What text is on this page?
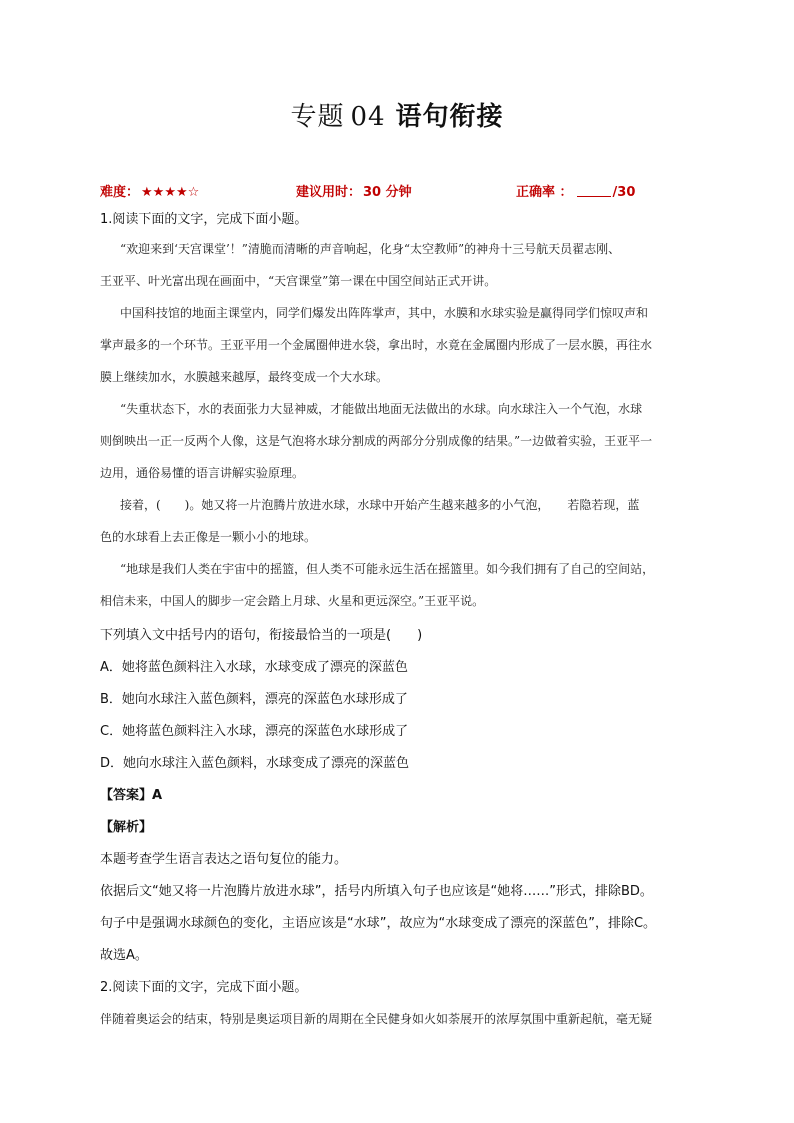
专题 04 语句衔接
难度： ★★★★☆	建议用时： 30 分钟	正确率 ：	/30
1.阅读下面的文字，完成下面小题。
“欢迎来到‘天宫课堂’！”清脆而清晰的声音响起，化身“太空教师”的神舟十三号航天员翟志刚、
王亚平、叶光富出现在画面中，“天宫课堂”第一课在中国空间站正式开讲。
中国科技馆的地面主课堂内，同学们爆发出阵阵掌声，其中，水膜和水球实验是赢得同学们惊叹声和
掌声最多的一个环节。王亚平用一个金属圈伸进水袋，拿出时，水竟在金属圈内形成了一层水膜，再往水
膜上继续加水，水膜越来越厚，最终变成一个大水球。
“失重状态下，水的表面张力大显神威，才能做出地面无法做出的水球。向水球注入一个气泡，水球
则倒映出一正一反两个人像，这是气泡将水球分割成的两部分分别成像的结果。”一边做着实验，王亚平一
边用，通俗易懂的语言讲解实验原理。
接着，(　　)。她又将一片泡腾片放进水球，水球中开始产生越来越多的小气泡，　　若隐若现，蓝
色的水球看上去正像是一颗小小的地球。
“地球是我们人类在宇宙中的摇篮，但人类不可能永远生活在摇篮里。如今我们拥有了自己的空间站，
相信未来，中国人的脚步一定会踏上月球、火星和更远深空。”王亚平说。
下列填入文中括号内的语句，衔接最恰当的一项是(　　)
A．她将蓝色颜料注入水球，水球变成了漂亮的深蓝色
B．她向水球注入蓝色颜料，漂亮的深蓝色水球形成了
C．她将蓝色颜料注入水球，漂亮的深蓝色水球形成了
D．她向水球注入蓝色颜料，水球变成了漂亮的深蓝色
【答案】A
【解析】
本题考查学生语言表达之语句复位的能力。
依据后文“她又将一片泡腾片放进水球”，括号内所填入句子也应该是“她将……”形式，排除BD。
句子中是强调水球颜色的变化，主语应该是“水球”，故应为“水球变成了漂亮的深蓝色”，排除C。
故选A。
2.阅读下面的文字，完成下面小题。
伴随着奥运会的结束，特别是奥运项目新的周期在全民健身如火如荼展开的浓厚氛围中重新起航，毫无疑
